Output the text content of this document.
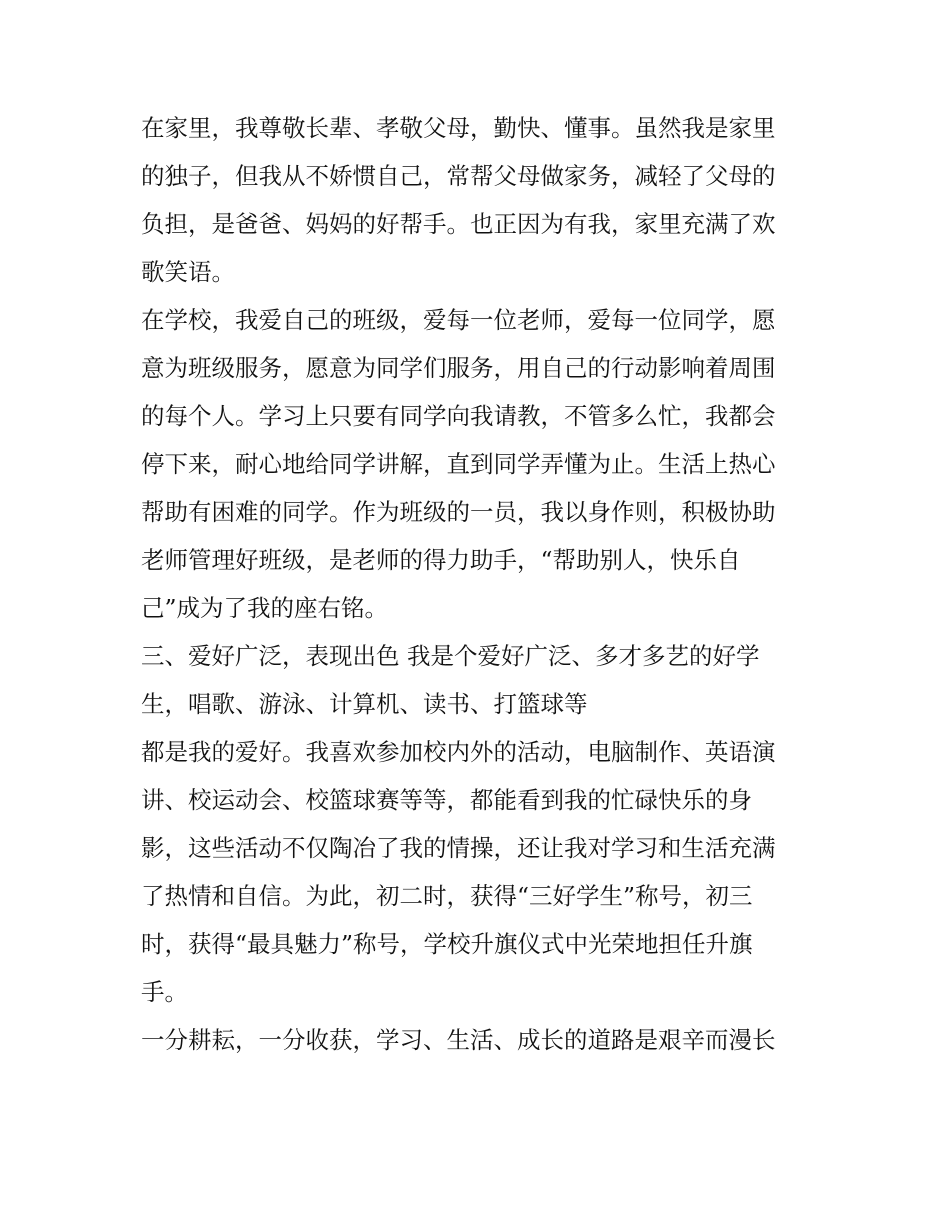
在家里，我尊敬长辈、孝敬父母，勤快、懂事。虽然我是家里
的独子，但我从不娇惯自己，常帮父母做家务，减轻了父母的
负担，是爸爸、妈妈的好帮手。也正因为有我，家里充满了欢
歌笑语。
在学校，我爱自己的班级，爱每一位老师，爱每一位同学，愿
意为班级服务，愿意为同学们服务，用自己的行动影响着周围
的每个人。学习上只要有同学向我请教，不管多么忙，我都会
停下来，耐心地给同学讲解，直到同学弄懂为止。生活上热心
帮助有困难的同学。作为班级的一员，我以身作则，积极协助
老师管理好班级，是老师的得力助手，“帮助别人，快乐自
己”成为了我的座右铭。
三、爱好广泛，表现出色 我是个爱好广泛、多才多艺的好学
生，唱歌、游泳、计算机、读书、打篮球等
都是我的爱好。我喜欢参加校内外的活动，电脑制作、英语演
讲、校运动会、校篮球赛等等，都能看到我的忙碌快乐的身
影，这些活动不仅陶冶了我的情操，还让我对学习和生活充满
了热情和自信。为此，初二时，获得“三好学生”称号，初三
时，获得“最具魅力”称号，学校升旗仪式中光荣地担任升旗
手。
一分耕耘，一分收获，学习、生活、成长的道路是艰辛而漫长
